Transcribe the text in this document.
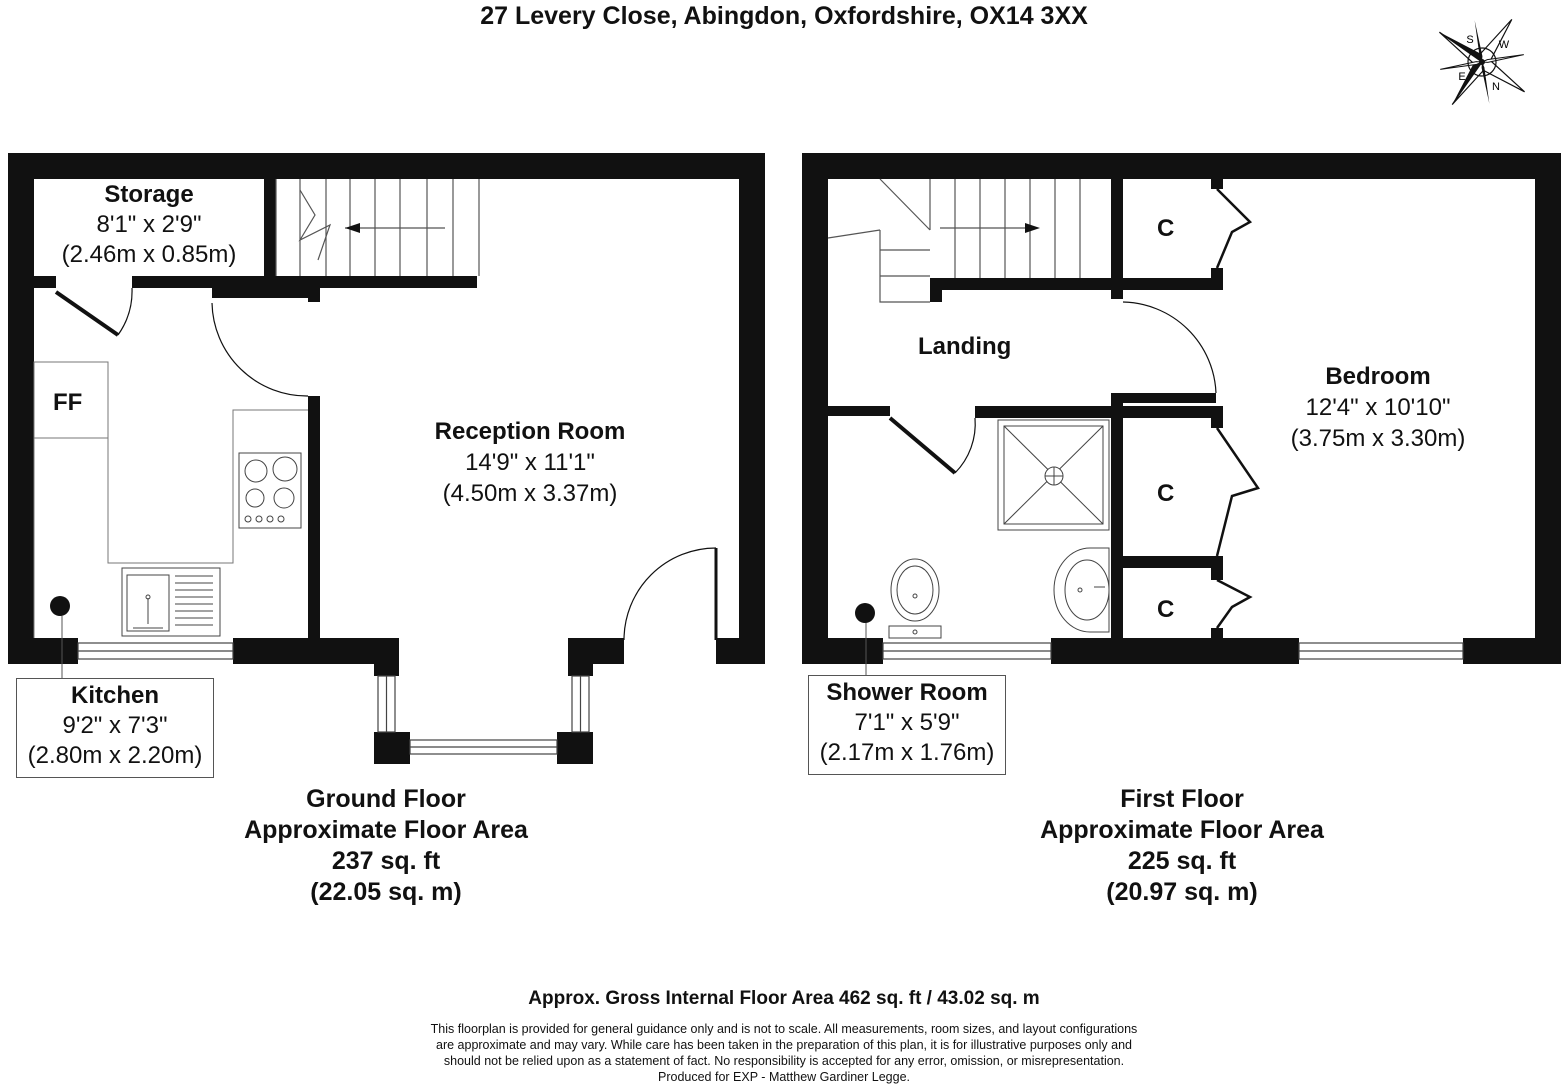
27 Levery Close, Abingdon, Oxfordshire, OX14 3XX
S W
N
E
Storage
8'1" x 2'9"
(2.46m x 0.85m)
FF
Reception Room
14'9" x 11'1"
(4.50m x 3.37m)
Kitchen
9'2" x 7'3"
(2.80m x 2.20m)
Ground Floor
Approximate Floor Area
237 sq. ft
(22.05 sq. m)
Landing
C
C
C
Bedroom
12'4" x 10'10"
(3.75m x 3.30m)
Shower Room
7'1" x 5'9"
(2.17m x 1.76m)
First Floor
Approximate Floor Area
225 sq. ft
(20.97 sq. m)
Approx. Gross Internal Floor Area 462 sq. ft / 43.02 sq. m
This floorplan is provided for general guidance only and is not to scale. All measurements, room sizes, and layout configurations
are approximate and may vary. While care has been taken in the preparation of this plan, it is for illustrative purposes only and
should not be relied upon as a statement of fact. No responsibility is accepted for any error, omission, or misrepresentation.
Produced for EXP - Matthew Gardiner Legge.
